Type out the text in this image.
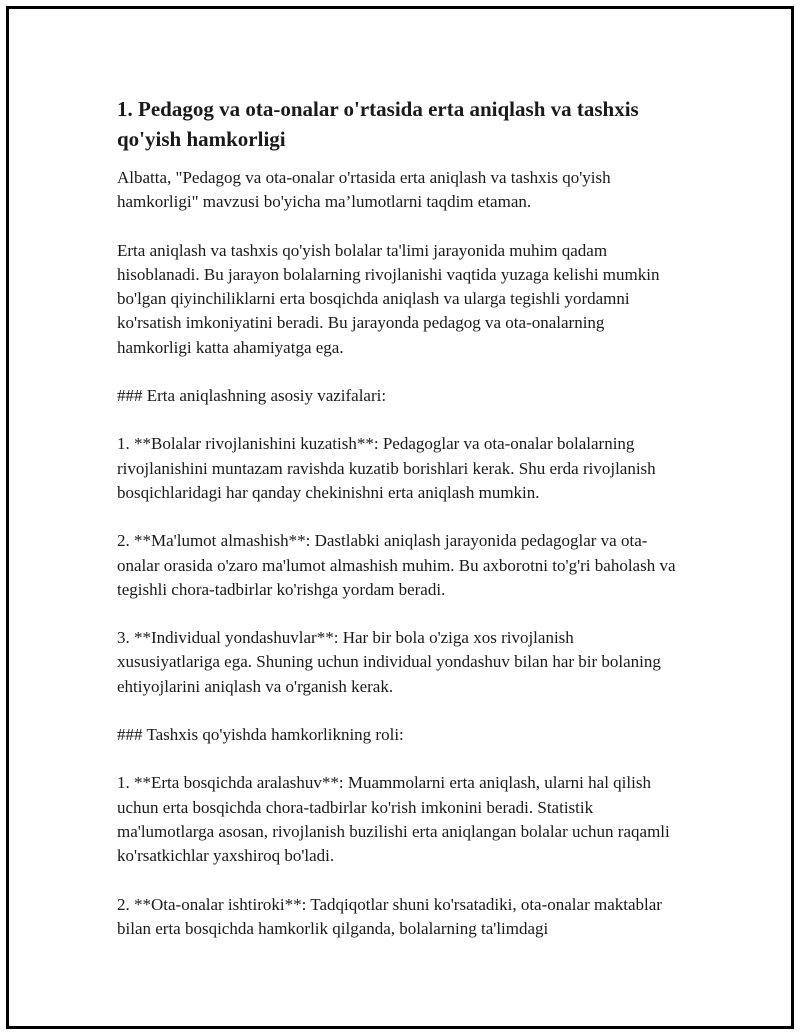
1. Pedagog va ota-onalar o'rtasida erta aniqlash va tashxis qo'yish hamkorligi

Albatta, "Pedagog va ota-onalar o'rtasida erta aniqlash va tashxis qo'yish hamkorligi" mavzusi bo'yicha ma’lumotlarni taqdim etaman.

Erta aniqlash va tashxis qo'yish bolalar ta'limi jarayonida muhim qadam hisoblanadi. Bu jarayon bolalarning rivojlanishi vaqtida yuzaga kelishi mumkin bo'lgan qiyinchiliklarni erta bosqichda aniqlash va ularga tegishli yordamni ko'rsatish imkoniyatini beradi. Bu jarayonda pedagog va ota-onalarning hamkorligi katta ahamiyatga ega.

### Erta aniqlashning asosiy vazifalari:

1. **Bolalar rivojlanishini kuzatish**: Pedagoglar va ota-onalar bolalarning rivojlanishini muntazam ravishda kuzatib borishlari kerak. Shu erda rivojlanish bosqichlaridagi har qanday chekinishni erta aniqlash mumkin.

2. **Ma'lumot almashish**: Dastlabki aniqlash jarayonida pedagoglar va ota-onalar orasida o'zaro ma'lumot almashish muhim. Bu axborotni to'g'ri baholash va tegishli chora-tadbirlar ko'rishga yordam beradi.

3. **Individual yondashuvlar**: Har bir bola o'ziga xos rivojlanish xususiyatlariga ega. Shuning uchun individual yondashuv bilan har bir bolaning ehtiyojlarini aniqlash va o'rganish kerak.

### Tashxis qo'yishda hamkorlikning roli:

1. **Erta bosqichda aralashuv**: Muammolarni erta aniqlash, ularni hal qilish uchun erta bosqichda chora-tadbirlar ko'rish imkonini beradi. Statistik ma'lumotlarga asosan, rivojlanish buzilishi erta aniqlangan bolalar uchun raqamli ko'rsatkichlar yaxshiroq bo'ladi.

2. **Ota-onalar ishtiroki**: Tadqiqotlar shuni ko'rsatadiki, ota-onalar maktablar bilan erta bosqichda hamkorlik qilganda, bolalarning ta'limdagi
